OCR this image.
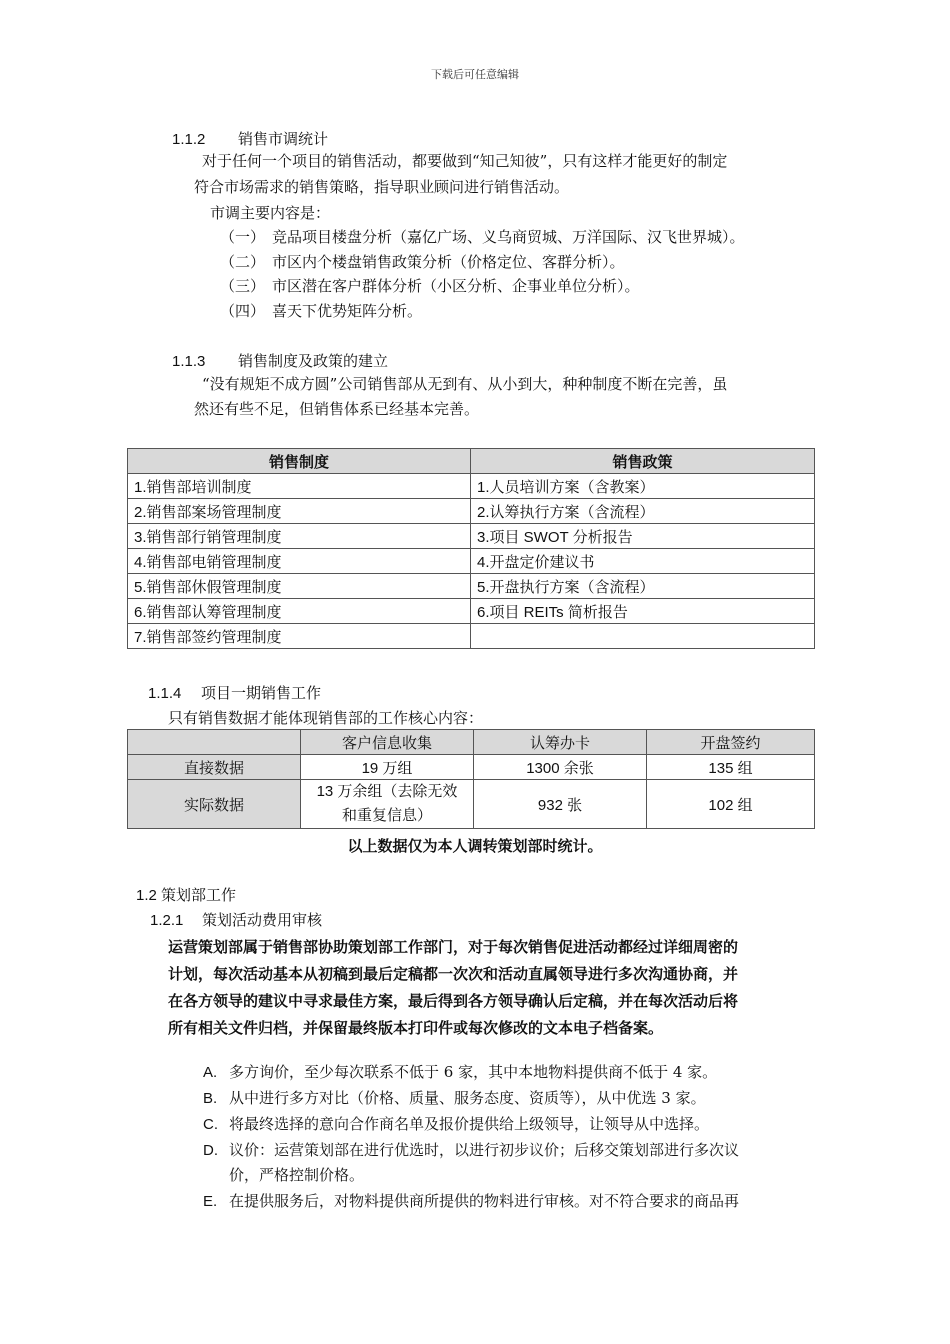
下载后可任意编辑
1.1.2 销售市调统计
对于任何一个项目的销售活动，都要做到“知己知彼”，只有这样才能更好的制定
符合市场需求的销售策略，指导职业顾问进行销售活动。
市调主要内容是：
（一） 竞品项目楼盘分析（嘉亿广场、义乌商贸城、万洋国际、汉飞世界城）。
（二） 市区内个楼盘销售政策分析（价格定位、客群分析）。
（三） 市区潜在客户群体分析（小区分析、企事业单位分析）。
（四） 喜天下优势矩阵分析。
1.1.3 销售制度及政策的建立
“没有规矩不成方圆”公司销售部从无到有、从小到大，种种制度不断在完善，虽
然还有些不足，但销售体系已经基本完善。
销售制度	销售政策
1.销售部培训制度	1.人员培训方案（含教案）
2.销售部案场管理制度	2.认筹执行方案（含流程）
3.销售部行销管理制度	3.项目 SWOT 分析报告
4.销售部电销管理制度	4.开盘定价建议书
5.销售部休假管理制度	5.开盘执行方案（含流程）
6.销售部认筹管理制度	6.项目 REITs 简析报告
7.销售部签约管理制度	
1.1.4 项目一期销售工作
只有销售数据才能体现销售部的工作核心内容：
	客户信息收集	认筹办卡	开盘签约
直接数据	19 万组	1300 余张	135 组
实际数据	13 万余组（去除无效
和重复信息）	932 张	102 组
以上数据仅为本人调转策划部时统计。
1.2 策划部工作
1.2.1 策划活动费用审核
运营策划部属于销售部协助策划部工作部门，对于每次销售促进活动都经过详细周密的
计划，每次活动基本从初稿到最后定稿都一次次和活动直属领导进行多次沟通协商，并
在各方领导的建议中寻求最佳方案，最后得到各方领导确认后定稿，并在每次活动后将
所有相关文件归档，并保留最终版本打印件或每次修改的文本电子档备案。
A. 多方询价，至少每次联系不低于 6 家，其中本地物料提供商不低于 4 家。
B. 从中进行多方对比（价格、质量、服务态度、资质等），从中优选 3 家。
C. 将最终选择的意向合作商名单及报价提供给上级领导，让领导从中选择。
D. 议价：运营策划部在进行优选时，以进行初步议价；后移交策划部进行多次议
价，严格控制价格。
E. 在提供服务后，对物料提供商所提供的物料进行审核。对不符合要求的商品再
